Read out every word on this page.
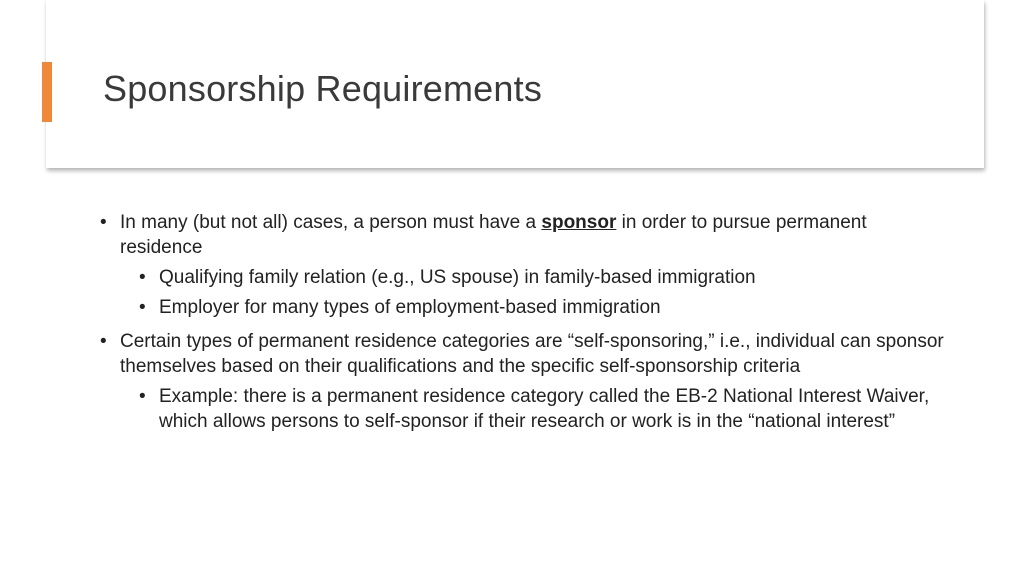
Sponsorship Requirements
• In many (but not all) cases, a person must have a sponsor in order to pursue permanent residence
• Qualifying family relation (e.g., US spouse) in family-based immigration
• Employer for many types of employment-based immigration
• Certain types of permanent residence categories are “self-sponsoring,” i.e., individual can sponsor themselves based on their qualifications and the specific self-sponsorship criteria
• Example: there is a permanent residence category called the EB-2 National Interest Waiver, which allows persons to self-sponsor if their research or work is in the “national interest”
